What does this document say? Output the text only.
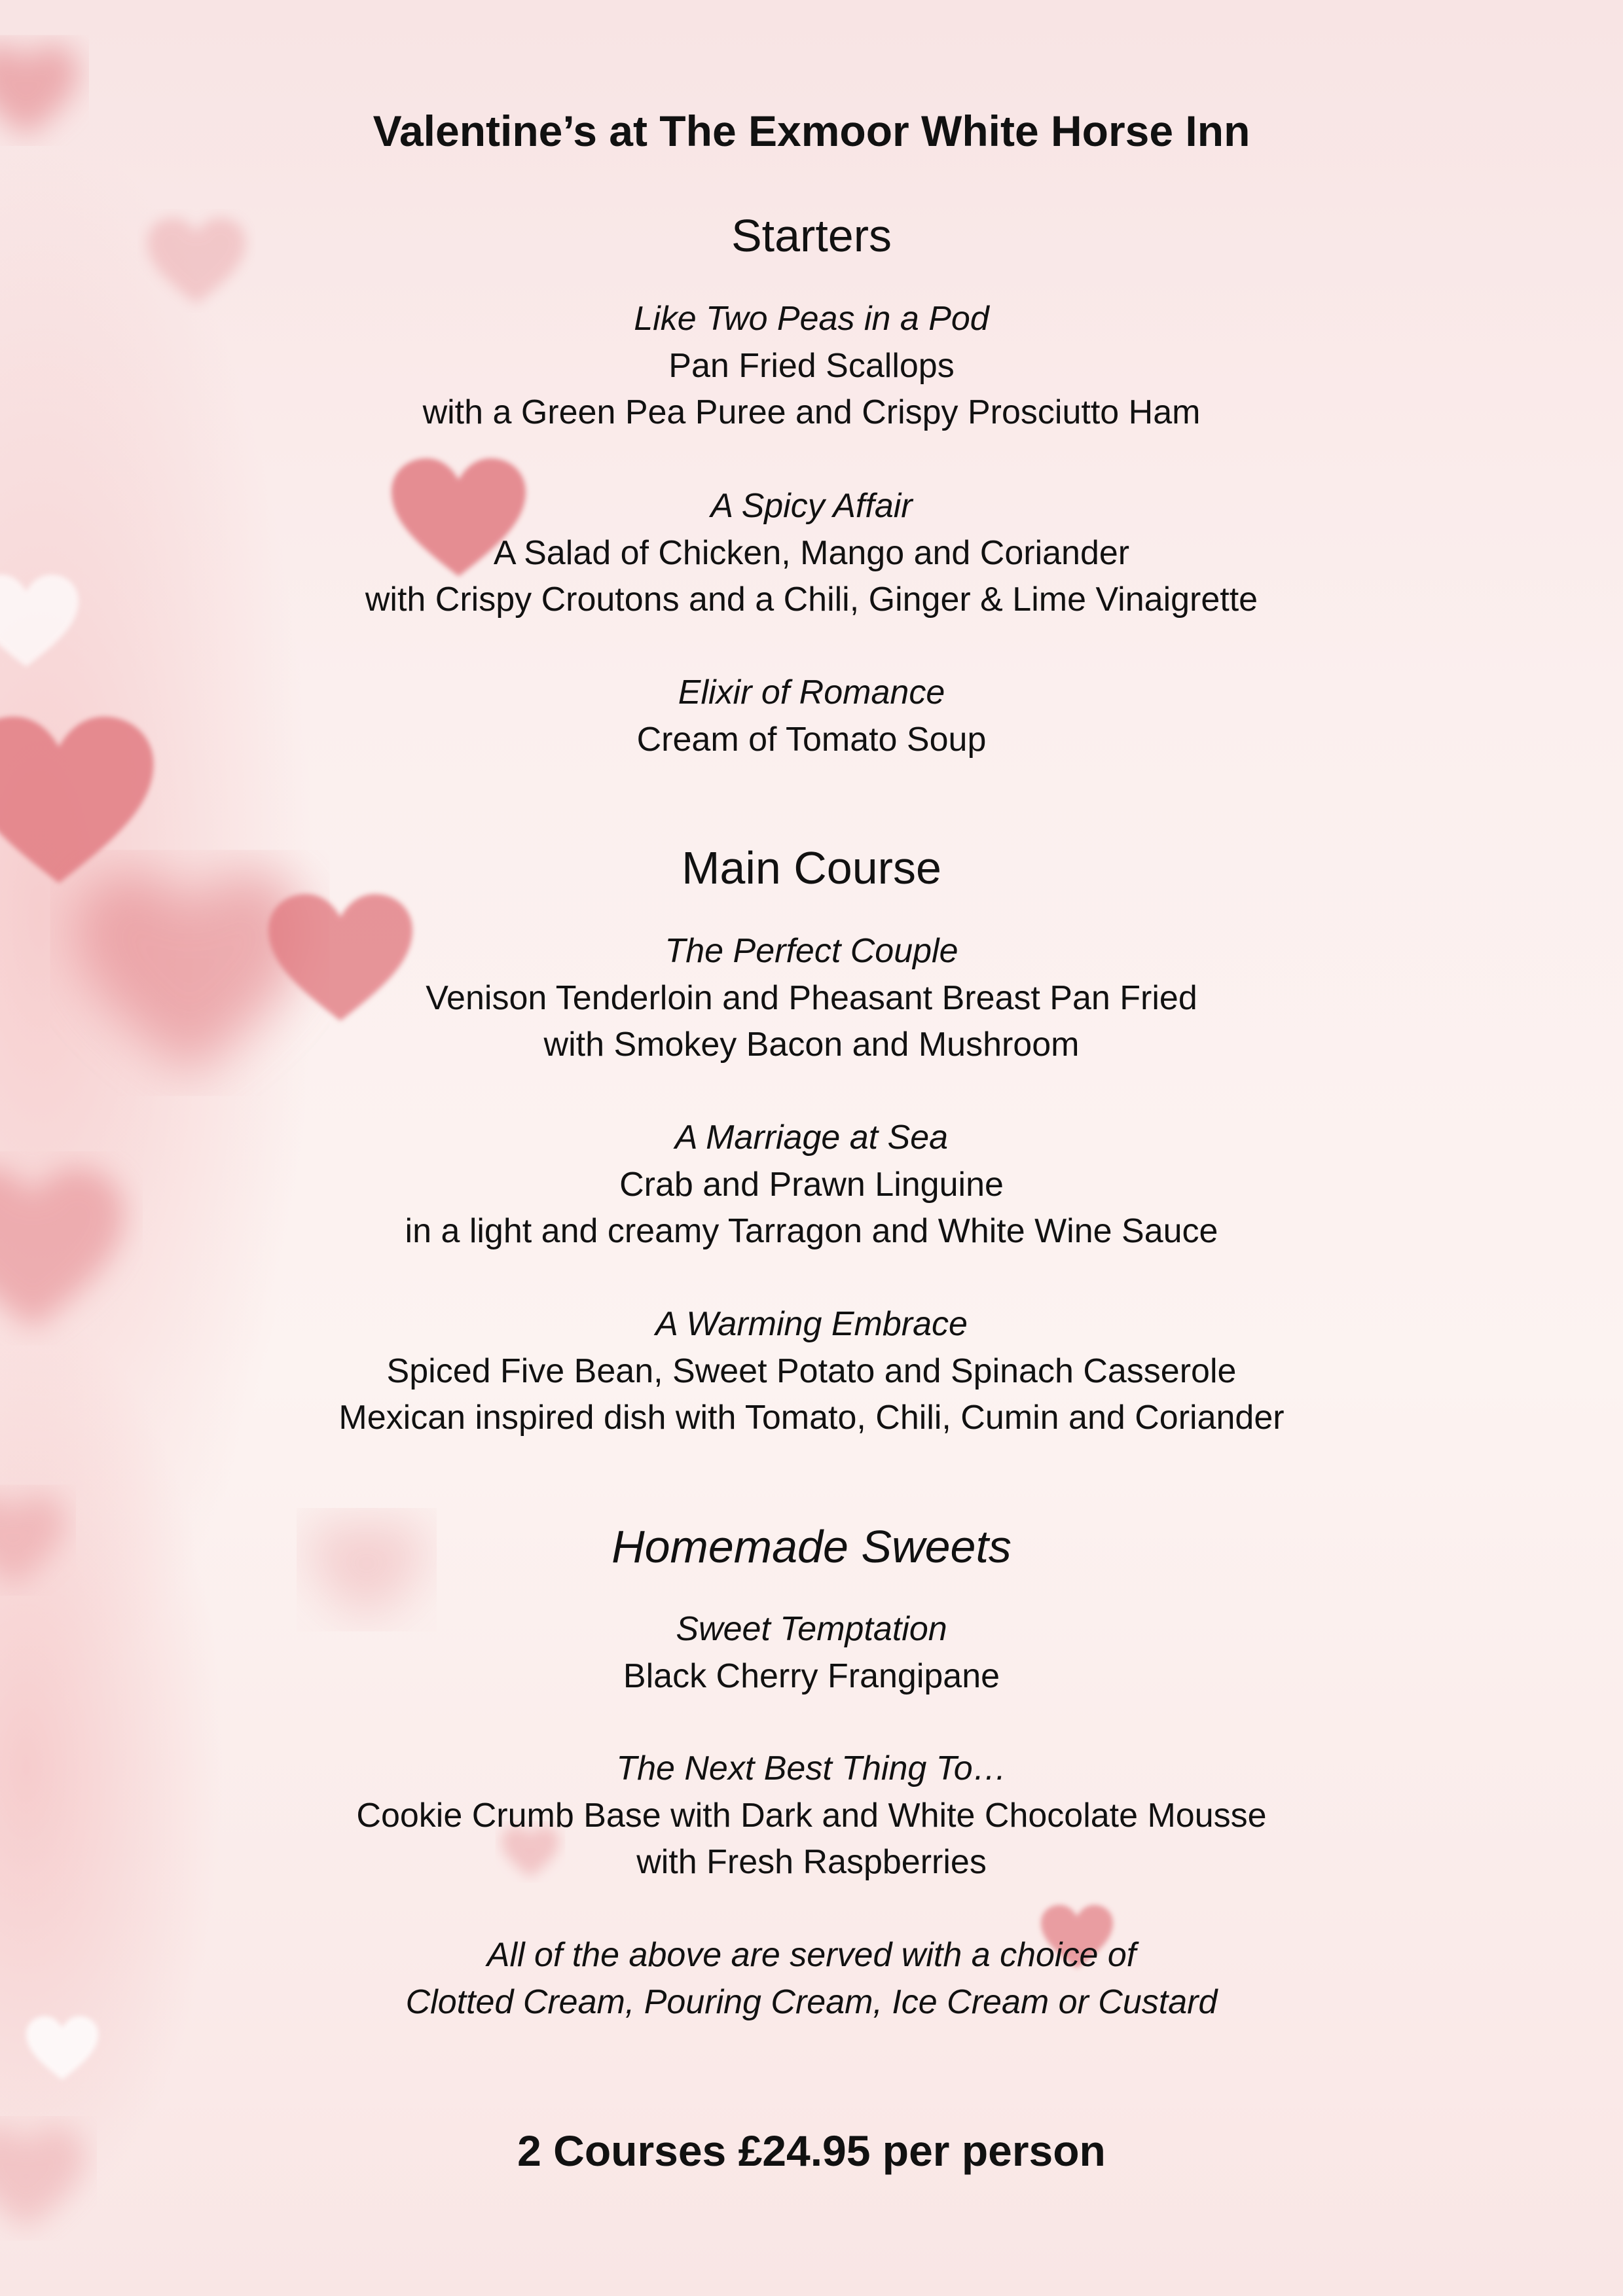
Valentine’s at The Exmoor White Horse Inn
Starters
Like Two Peas in a Pod
Pan Fried Scallops
with a Green Pea Puree and Crispy Prosciutto Ham
A Spicy Affair
A Salad of Chicken, Mango and Coriander
with Crispy Croutons and a Chili, Ginger & Lime Vinaigrette
Elixir of Romance
Cream of Tomato Soup
Main Course
The Perfect Couple
Venison Tenderloin and Pheasant Breast Pan Fried
with Smokey Bacon and Mushroom
A Marriage at Sea
Crab and Prawn Linguine
in a light and creamy Tarragon and White Wine Sauce
A Warming Embrace
Spiced Five Bean, Sweet Potato and Spinach Casserole
Mexican inspired dish with Tomato, Chili, Cumin and Coriander
Homemade Sweets
Sweet Temptation
Black Cherry Frangipane
The Next Best Thing To…
Cookie Crumb Base with Dark and White Chocolate Mousse
with Fresh Raspberries
All of the above are served with a choice of
Clotted Cream, Pouring Cream, Ice Cream or Custard
2 Courses £24.95 per person
